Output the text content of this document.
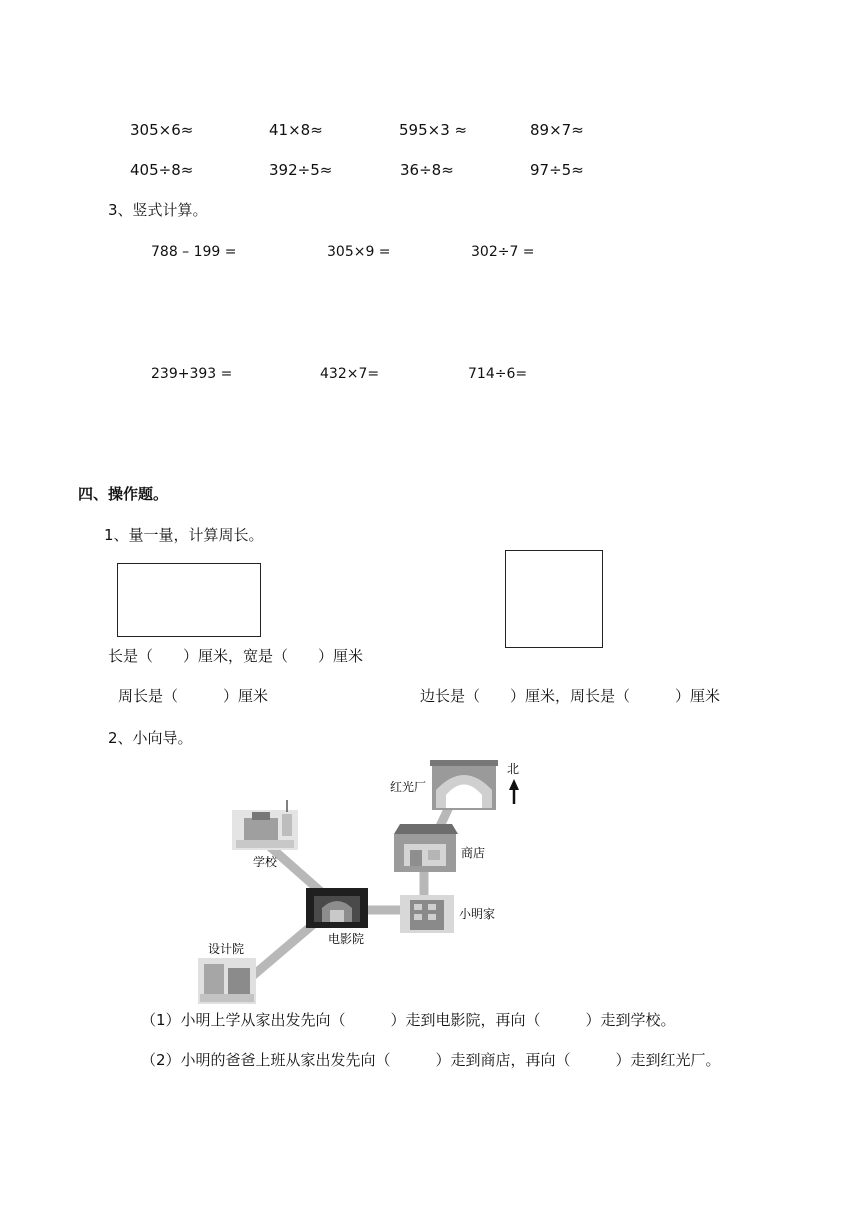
305×6≈	41×8≈	595×3 ≈	89×7≈
405÷8≈	392÷5≈	36÷8≈	97÷5≈
3、竖式计算。
788 – 199 =	305×9 =	302÷7 =
239+393 =	432×7=	714÷6=
四、操作题。
1、量一量，计算周长。
长是（　　）厘米，宽是（　　）厘米
周长是（　　　）厘米	边长是（　　）厘米，周长是（　　　）厘米
2、小向导。
北
红光厂
商店
学校
小明家
电影院
设计院
（1）小明上学从家出发先向（　　　）走到电影院，再向（　　　）走到学校。
（2）小明的爸爸上班从家出发先向（　　　）走到商店，再向（　　　）走到红光厂。
